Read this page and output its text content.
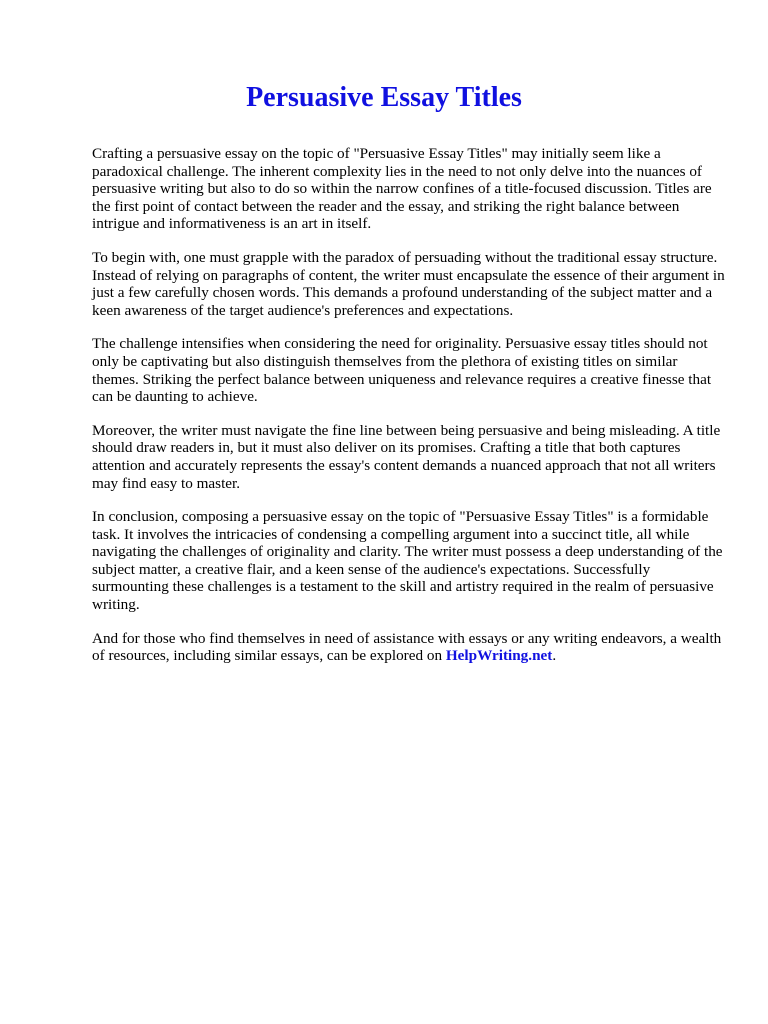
Persuasive Essay Titles

Crafting a persuasive essay on the topic of "Persuasive Essay Titles" may initially seem like a paradoxical challenge. The inherent complexity lies in the need to not only delve into the nuances of persuasive writing but also to do so within the narrow confines of a title-focused discussion. Titles are the first point of contact between the reader and the essay, and striking the right balance between intrigue and informativeness is an art in itself.

To begin with, one must grapple with the paradox of persuading without the traditional essay structure. Instead of relying on paragraphs of content, the writer must encapsulate the essence of their argument in just a few carefully chosen words. This demands a profound understanding of the subject matter and a keen awareness of the target audience's preferences and expectations.

The challenge intensifies when considering the need for originality. Persuasive essay titles should not only be captivating but also distinguish themselves from the plethora of existing titles on similar themes. Striking the perfect balance between uniqueness and relevance requires a creative finesse that can be daunting to achieve.

Moreover, the writer must navigate the fine line between being persuasive and being misleading. A title should draw readers in, but it must also deliver on its promises. Crafting a title that both captures attention and accurately represents the essay's content demands a nuanced approach that not all writers may find easy to master.

In conclusion, composing a persuasive essay on the topic of "Persuasive Essay Titles" is a formidable task. It involves the intricacies of condensing a compelling argument into a succinct title, all while navigating the challenges of originality and clarity. The writer must possess a deep understanding of the subject matter, a creative flair, and a keen sense of the audience's expectations. Successfully surmounting these challenges is a testament to the skill and artistry required in the realm of persuasive writing.

And for those who find themselves in need of assistance with essays or any writing endeavors, a wealth of resources, including similar essays, can be explored on HelpWriting.net.
